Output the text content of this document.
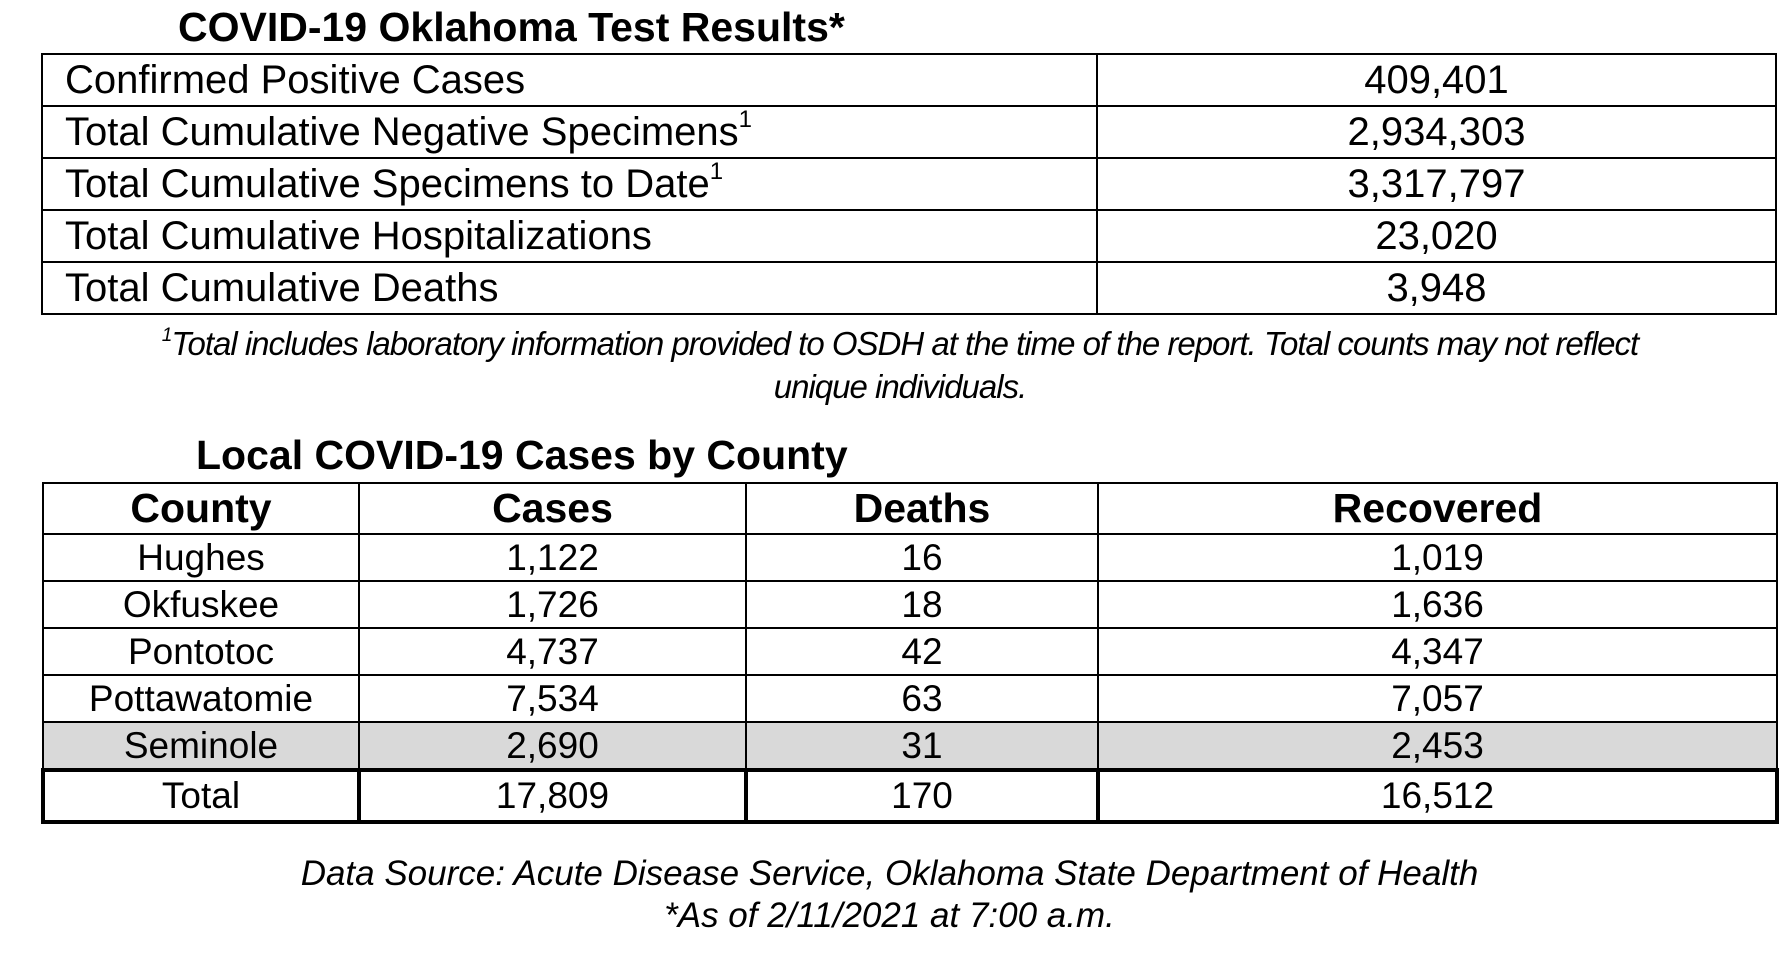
COVID-19 Oklahoma Test Results*
Confirmed Positive Cases	409,401
Total Cumulative Negative Specimens$^1$	2,934,303
Total Cumulative Specimens to Date$^1$	3,317,797
Total Cumulative Hospitalizations	23,020
Total Cumulative Deaths	3,948
$^1$Total includes laboratory information provided to OSDH at the time of the report. Total counts may not reflect
unique individuals.
Local COVID-19 Cases by County
County	Cases	Deaths	Recovered
Hughes	1,122	16	1,019
Okfuskee	1,726	18	1,636
Pontotoc	4,737	42	4,347
Pottawatomie	7,534	63	7,057
Seminole	2,690	31	2,453
Total	17,809	170	16,512
Data Source: Acute Disease Service, Oklahoma State Department of Health
*As of 2/11/2021 at 7:00 a.m.
